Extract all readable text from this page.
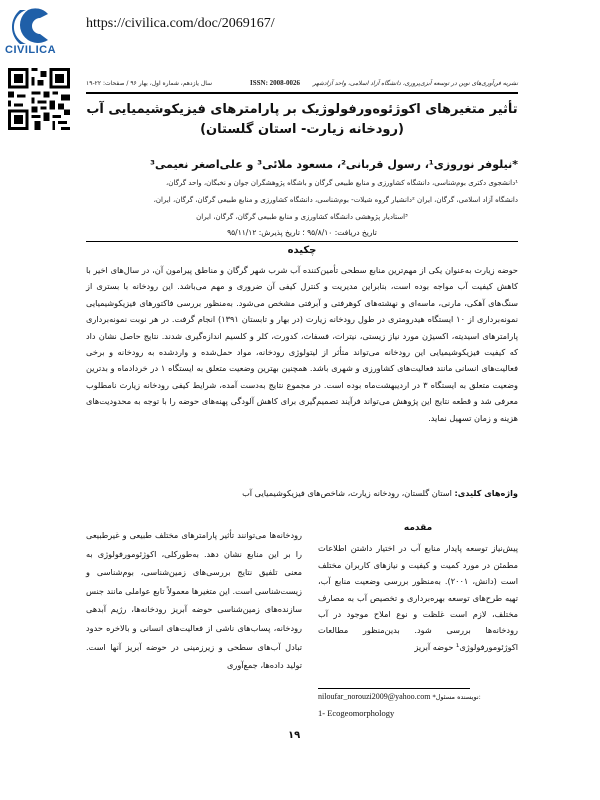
CIVILICA
https://civilica.com/doc/2069167/
سال یازدهم، شماره اول، بهار ۹۶ / صفحات: ۲۲-۱۹	ISSN: 2008-0026 نشریه فن‌آوری‌های نوین در توسعه آبزی‌پروری، دانشگاه آزاد اسلامی، واحد آزادشهر
تأثیر متغیرهای اکوژئوەورفولوژیک بر پارامترهای فیزیکوشیمیایی آب
(رودخانه زیارت- استان گلستان)
*نیلوفر نوروزی¹، رسول قربانی²، مسعود ملائی³ و علی‌اصغر نعیمی³
¹دانشجوی دکتری بوم‌شناسی، دانشگاه کشاورزی و منابع طبیعی گرگان و باشگاه پژوهشگران جوان و نخبگان، واحد گرگان،
دانشگاه آزاد اسلامی، گرگان، ایران ²دانشیار گروه شیلات- بوم‌شناسی، دانشگاه کشاورزی و منابع طبیعی گرگان، گرگان، ایران،
³استادیار پژوهشی دانشگاه کشاورزی و منابع طبیعی گرگان، گرگان، ایران
تاریخ دریافت: ۹۵/۸/۱۰ ؛ تاریخ پذیرش: ۹۵/۱۱/۱۲
چکیده
حوضه زیارت به‌عنوان یکی از مهم‌ترین منابع سطحی تأمین‌کننده آب شرب شهر گرگان و مناطق پیرامون آن، در سال‌های اخیر با کاهش کیفیت آب مواجه بوده است، بنابراین مدیریت و کنترل کیفی آن ضروری و مهم می‌باشد. این رودخانه با بستری از سنگ‌های آهکی، مارنی، ماسه‌ای و نهشته‌های کوهرفتی و آبرفتی مشخص می‌شود. به‌منظور بررسی فاکتورهای فیزیکوشیمیایی نمونه‌برداری از ۱۰ ایستگاه هیدرومتری در طول رودخانه زیارت (در بهار و تابستان ۱۳۹۱) انجام گرفت. در هر نوبت نمونه‌برداری پارامترهای اسیدیته، اکسیژن مورد نیاز زیستی، نیترات، فسفات، کدورت، کلر و کلسیم اندازه‌گیری شدند. نتایج حاصل نشان داد که کیفیت فیزیکوشیمیایی این رودخانه می‌تواند متأثر از لیتولوژی رودخانه، مواد حمل‌شده و واردشده به رودخانه و برخی فعالیت‌های انسانی مانند فعالیت‌های کشاورزی و شهری باشد. همچنین بهترین وضعیت متعلق به ایستگاه ۱ در خردادماه و بدترین وضعیت متعلق به ایستگاه ۳ در اردیبهشت‌ماه بوده است. در مجموع نتایج به‌دست آمده، شرایط کیفی رودخانه زیارت نامطلوب معرفی شد و قطعه نتایج این پژوهش می‌تواند فرآیند تصمیم‌گیری برای کاهش آلودگی پهنه‌های حوضه را با توجه به محدودیت‌های هزینه و زمان تسهیل نماید.
واژه‌های کلیدی: استان گلستان، رودخانه زیارت، شاخص‌های فیزیکوشیمیایی آب
مقدمه
پیش‌نیاز توسعه پایدار منابع آب در اختیار داشتن اطلاعات مطمئن در مورد کمیت و کیفیت و نیازهای کاربران مختلف است (دانش، ۲۰۰۱). به‌منظور بررسی وضعیت منابع آب، تهیه طرح‌های توسعه بهره‌برداری و تخصیص آب به مصارف مختلف، لازم است غلظت و نوع املاح موجود در آب رودخانه‌ها بررسی شود. بدین‌منظور مطالعات اکوژئومورفولوژی¹ حوضه آبریز
رودخانه‌ها می‌توانند تأثیر پارامترهای مختلف طبیعی و غیرطبیعی را بر این منابع نشان دهد. به‌طورکلی، اکوژئومورفولوژی به معنی تلفیق نتایج بررسی‌های زمین‌شناسی، بوم‌شناسی و زیست‌شناسی است. این متغیرها معمولاً تابع عواملی مانند جنس سازنده‌های زمین‌شناسی حوضه آبریز رودخانه‌ها، رژیم آبدهی رودخانه، پساب‌های ناشی از فعالیت‌های انسانی و بالاخره حدود تبادل آب‌های سطحی و زیرزمینی در حوضه آبریز آنها است. تولید داده‌ها، جمع‌آوری
niloufar_norouzi2009@yahoo.com *نویسنده مسئول:
1- Ecogeomorphology
۱۹
